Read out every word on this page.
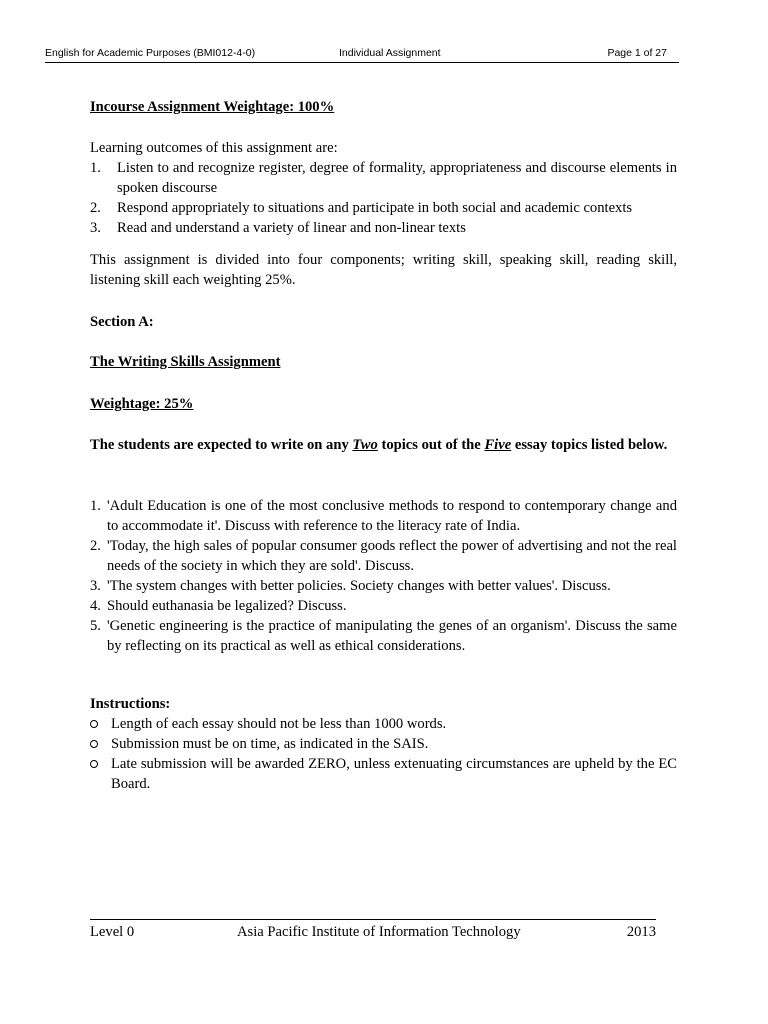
English for Academic Purposes (BMI012-4-0)	Individual Assignment	Page 1 of 27

Incourse Assignment Weightage: 100%

Learning outcomes of this assignment are:

1. Listen to and recognize register, degree of formality, appropriateness and discourse elements in spoken discourse
2. Respond appropriately to situations and participate in both social and academic contexts
3. Read and understand a variety of linear and non-linear texts

This assignment is divided into four components; writing skill, speaking skill, reading skill, listening skill each weighting 25%.

Section A:

The Writing Skills Assignment

Weightage: 25%

The students are expected to write on any Two topics out of the Five essay topics listed below.

1. 'Adult Education is one of the most conclusive methods to respond to contemporary change and to accommodate it'. Discuss with reference to the literacy rate of India.
2. 'Today, the high sales of popular consumer goods reflect the power of advertising and not the real needs of the society in which they are sold'. Discuss.
3. 'The system changes with better policies. Society changes with better values'. Discuss.
4. Should euthanasia be legalized? Discuss.
5. 'Genetic engineering is the practice of manipulating the genes of an organism'. Discuss the same by reflecting on its practical as well as ethical considerations.

Instructions:

Length of each essay should not be less than 1000 words.
Submission must be on time, as indicated in the SAIS.
Late submission will be awarded ZERO, unless extenuating circumstances are upheld by the EC Board.
Level 0	Asia Pacific Institute of Information Technology	2013
